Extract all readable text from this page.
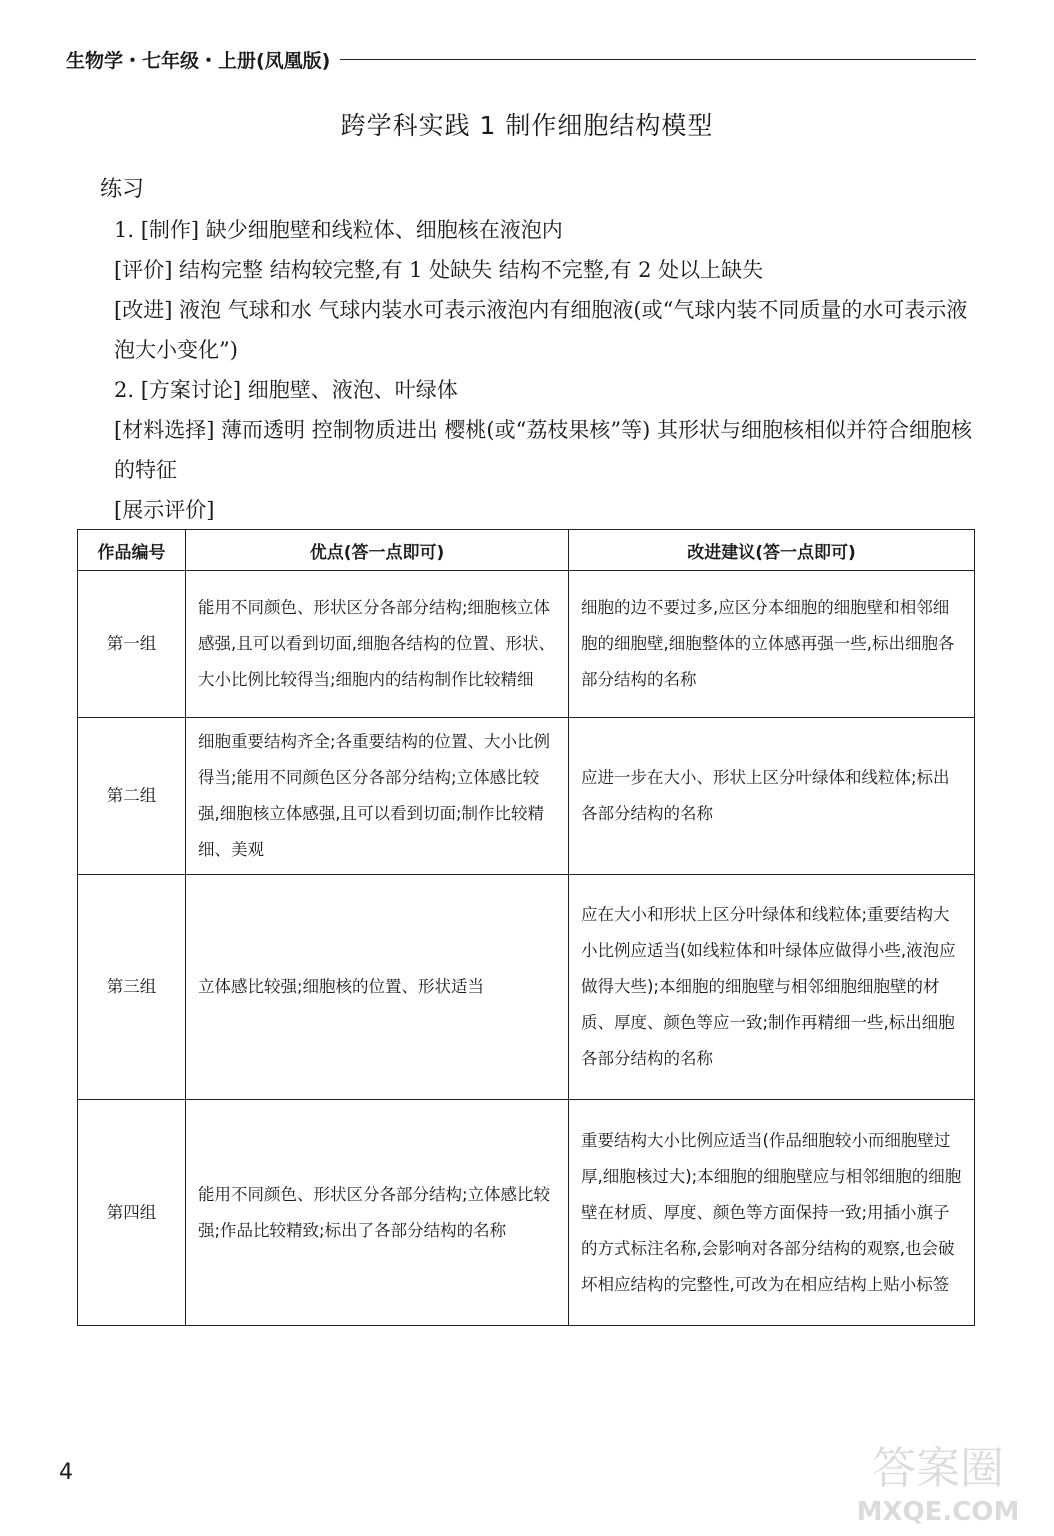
生物学・七年级・上册(凤凰版)
跨学科实践 1 制作细胞结构模型
练习

1. [制作] 缺少细胞壁和线粒体、细胞核在液泡内

[评价] 结构完整 结构较完整,有 1 处缺失 结构不完整,有 2 处以上缺失

[改进] 液泡 气球和水 气球内装水可表示液泡内有细胞液(或“气球内装不同质量的水可表示液泡大小变化”)

2. [方案讨论] 细胞壁、液泡、叶绿体

[材料选择] 薄而透明 控制物质进出 樱桃(或“荔枝果核”等) 其形状与细胞核相似并符合细胞核的特征

[展示评价]

作品编号	优点(答一点即可)	改进建议(答一点即可)
第一组	能用不同颜色、形状区分各部分结构;细胞核立体感强,且可以看到切面,细胞各结构的位置、形状、大小比例比较得当;细胞内的结构制作比较精细	细胞的边不要过多,应区分本细胞的细胞壁和相邻细胞的细胞壁,细胞整体的立体感再强一些,标出细胞各部分结构的名称
第二组	细胞重要结构齐全;各重要结构的位置、大小比例得当;能用不同颜色区分各部分结构;立体感比较强,细胞核立体感强,且可以看到切面;制作比较精细、美观	应进一步在大小、形状上区分叶绿体和线粒体;标出各部分结构的名称
第三组	立体感比较强;细胞核的位置、形状适当	应在大小和形状上区分叶绿体和线粒体;重要结构大小比例应适当(如线粒体和叶绿体应做得小些,液泡应做得大些);本细胞的细胞壁与相邻细胞细胞壁的材质、厚度、颜色等应一致;制作再精细一些,标出细胞各部分结构的名称
第四组	能用不同颜色、形状区分各部分结构;立体感比较强;作品比较精致;标出了各部分结构的名称	重要结构大小比例应适当(作品细胞较小而细胞壁过厚,细胞核过大);本细胞的细胞壁应与相邻细胞的细胞壁在材质、厚度、颜色等方面保持一致;用插小旗子的方式标注名称,会影响对各部分结构的观察,也会破坏相应结构的完整性,可改为在相应结构上贴小标签
4	答案圈
MXQE.COM
